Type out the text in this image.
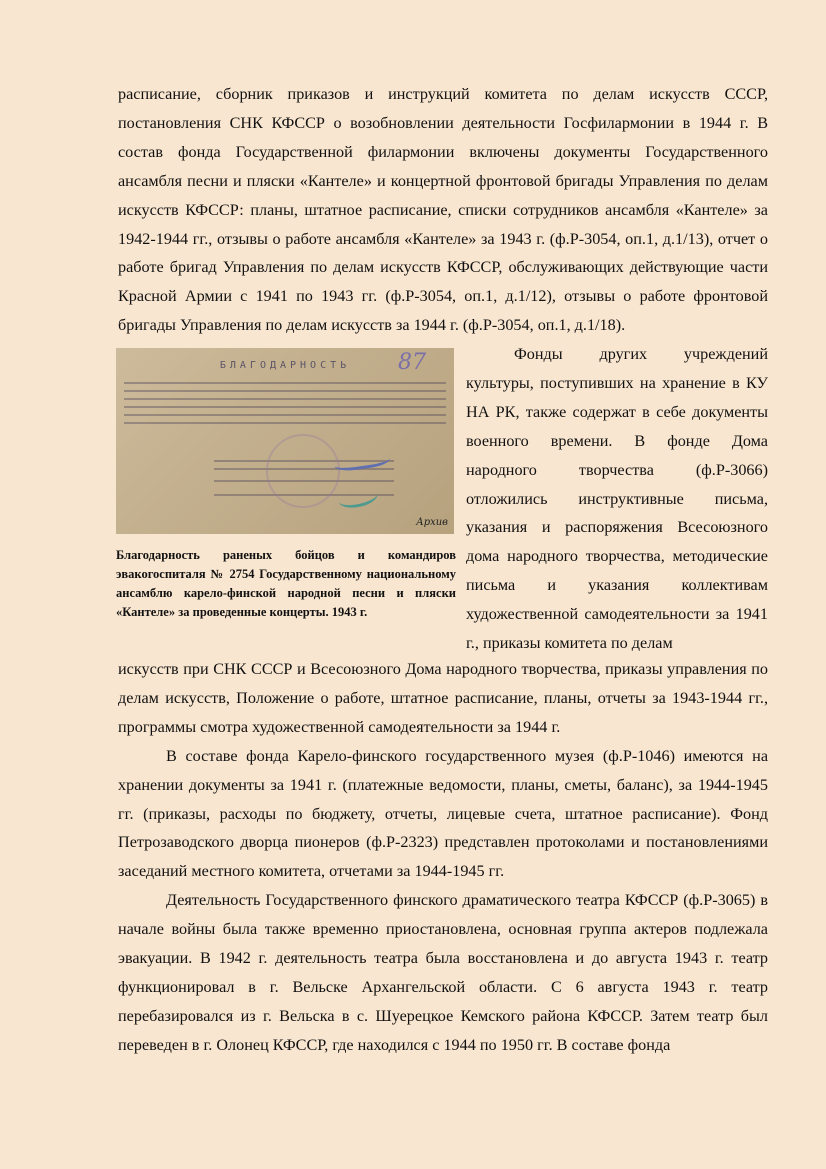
расписание, сборник приказов и инструкций комитета по делам искусств СССР, постановления СНК КФССР о возобновлении деятельности Госфилармонии в 1944 г. В состав фонда Государственной филармонии включены документы Государственного ансамбля песни и пляски «Кантеле» и концертной фронтовой бригады Управления по делам искусств КФССР: планы, штатное расписание, списки сотрудников ансамбля «Кантеле» за 1942-1944 гг., отзывы о работе ансамбля «Кантеле» за 1943 г. (ф.Р-3054, оп.1, д.1/13), отчет о работе бригад Управления по делам искусств КФССР, обслуживающих действующие части Красной Армии с 1941 по 1943 гг. (ф.Р-3054, оп.1, д.1/12), отзывы о работе фронтовой бригады Управления по делам искусств за 1944 г. (ф.Р-3054, оп.1, д.1/18).

БЛАГОДАРНОСТЬ	87
Архив
Благодарность раненых бойцов и командиров эвакогоспиталя № 2754 Государственному национальному ансамблю карело-финской народной песни и пляски «Кантеле» за проведенные концерты. 1943 г.

Фонды других учреждений культуры, поступивших на хранение в КУ НА РК, также содержат в себе документы военного времени. В фонде Дома народного творчества (ф.Р-3066) отложились инструктивные письма, указания и распоряжения Всесоюзного дома народного творчества, методические письма и указания коллективам художественной самодеятельности за 1941 г., приказы комитета по делам

искусств при СНК СССР и Всесоюзного Дома народного творчества, приказы управления по делам искусств, Положение о работе, штатное расписание, планы, отчеты за 1943-1944 гг., программы смотра художественной самодеятельности за 1944 г.

В составе фонда Карело-финского государственного музея (ф.Р-1046) имеются на хранении документы за 1941 г. (платежные ведомости, планы, сметы, баланс), за 1944-1945 гг. (приказы, расходы по бюджету, отчеты, лицевые счета, штатное расписание). Фонд Петрозаводского дворца пионеров (ф.Р-2323) представлен протоколами и постановлениями заседаний местного комитета, отчетами за 1944-1945 гг.

Деятельность Государственного финского драматического театра КФССР (ф.Р-3065) в начале войны была также временно приостановлена, основная группа актеров подлежала эвакуации. В 1942 г. деятельность театра была восстановлена и до августа 1943 г. театр функционировал в г. Вельске Архангельской области. С 6 августа 1943 г. театр перебазировался из г. Вельска в с. Шуерецкое Кемского района КФССР. Затем театр был переведен в г. Олонец КФССР, где находился с 1944 по 1950 гг. В составе фонда
